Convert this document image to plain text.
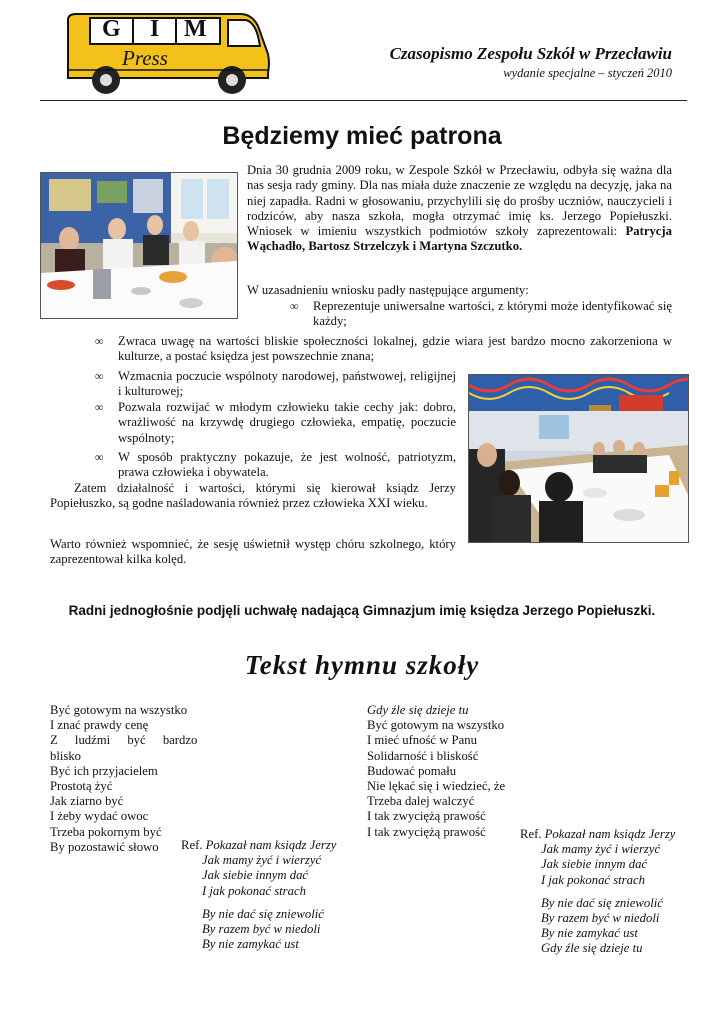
G I M
Press	Czasopismo Zespołu Szkół w Przecławiu
wydanie specjalne – styczeń 2010
Będziemy mieć patrona
Dnia 30 grudnia 2009 roku, w Zespole Szkół w Przecławiu, odbyła się ważna dla nas sesja rady gminy. Dla nas miała duże znaczenie ze względu na decyzję, jaka na niej zapadła. Radni w głosowaniu, przychylili się do prośby uczniów, nauczycieli i rodziców, aby nasza szkoła, mogła otrzymać imię ks. Jerzego Popiełuszki. Wniosek w imieniu wszystkich podmiotów szkoły zaprezentowali: Patrycja Wąchadło, Bartosz Strzelczyk i Martyna Szczutko.
W uzasadnieniu wniosku padły następujące argumenty:
∞ Reprezentuje uniwersalne wartości, z którymi może identyfikować się każdy;
∞ Zwraca uwagę na wartości bliskie społeczności lokalnej, gdzie wiara jest bardzo mocno zakorzeniona w kulturze, a postać księdza jest powszechnie znana;
∞ Wzmacnia poczucie wspólnoty narodowej, państwowej, religijnej i kulturowej;
∞ Pozwala rozwijać w młodym człowieku takie cechy jak: dobro, wrażliwość na krzywdę drugiego człowieka, empatię, poczucie wspólnoty;
∞ W sposób praktyczny pokazuje, że jest wolność, patriotyzm, prawa człowieka i obywatela.
Zatem działalność i wartości, którymi się kierował ksiądz Jerzy Popiełuszko, są godne naśladowania również przez człowieka XXI wieku.
Warto również wspomnieć, że sesję uświetnił występ chóru szkolnego, który zaprezentował kilka kolęd.
Radni jednogłośnie podjęli uchwałę nadającą Gimnazjum imię księdza Jerzego Popiełuszki.
Tekst hymnu szkoły
Być gotowym na wszystko
I znać prawdy cenę
Z ludźmi być bardzo
blisko
Być ich przyjacielem
Prostotą żyć
Jak ziarno być
I żeby wydać owoc
Trzeba pokornym być
By pozostawić słowo	Ref. Pokazał nam ksiądz Jerzy
Jak mamy żyć i wierzyć
Jak siebie innym dać
I jak pokonać strach
By nie dać się zniewolić
By razem być w niedoli
By nie zamykać ust
Gdy źle się dzieje tu
Być gotowym na wszystko
I mieć ufność w Panu
Solidarność i bliskość
Budować pomału
Nie lękać się i wiedzieć, że
Trzeba dalej walczyć
I tak zwyciężą prawość
I tak zwyciężą prawość	Ref. Pokazał nam ksiądz Jerzy
Jak mamy żyć i wierzyć
Jak siebie innym dać
I jak pokonać strach
By nie dać się zniewolić
By razem być w niedoli
By nie zamykać ust
Gdy źle się dzieje tu
